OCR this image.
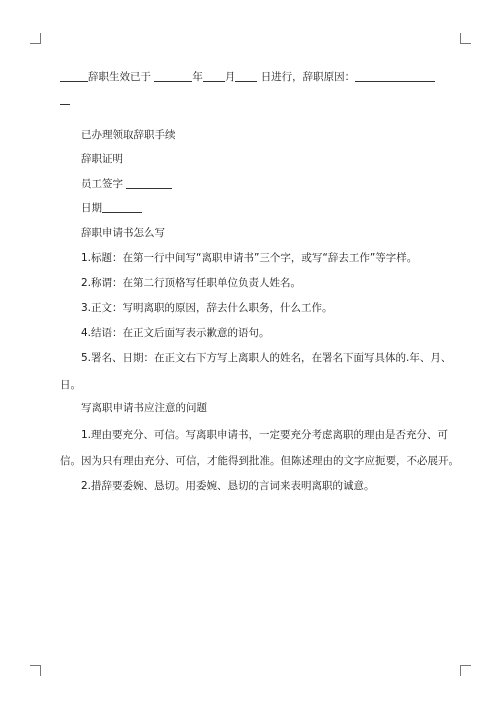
辞职生效已于	年 月 日进行，辞职原因：
已办理领取辞职手续
辞职证明
员工签字
日期
辞职申请书怎么写
1.标题：在第一行中间写“离职申请书”三个字，或写“辞去工作”等字样。
2.称谓：在第二行顶格写任职单位负责人姓名。
3.正文：写明离职的原因，辞去什么职务，什么工作。
4.结语：在正文后面写表示歉意的语句。
5.署名、日期：在正文右下方写上离职人的姓名，在署名下面写具体的.年、月、
日。
写离职申请书应注意的问题
1.理由要充分、可信。写离职申请书，一定要充分考虑离职的理由是否充分、可
信。因为只有理由充分、可信，才能得到批准。但陈述理由的文字应扼要，不必展开。
2.措辞要委婉、恳切。用委婉、恳切的言词来表明离职的诚意。
